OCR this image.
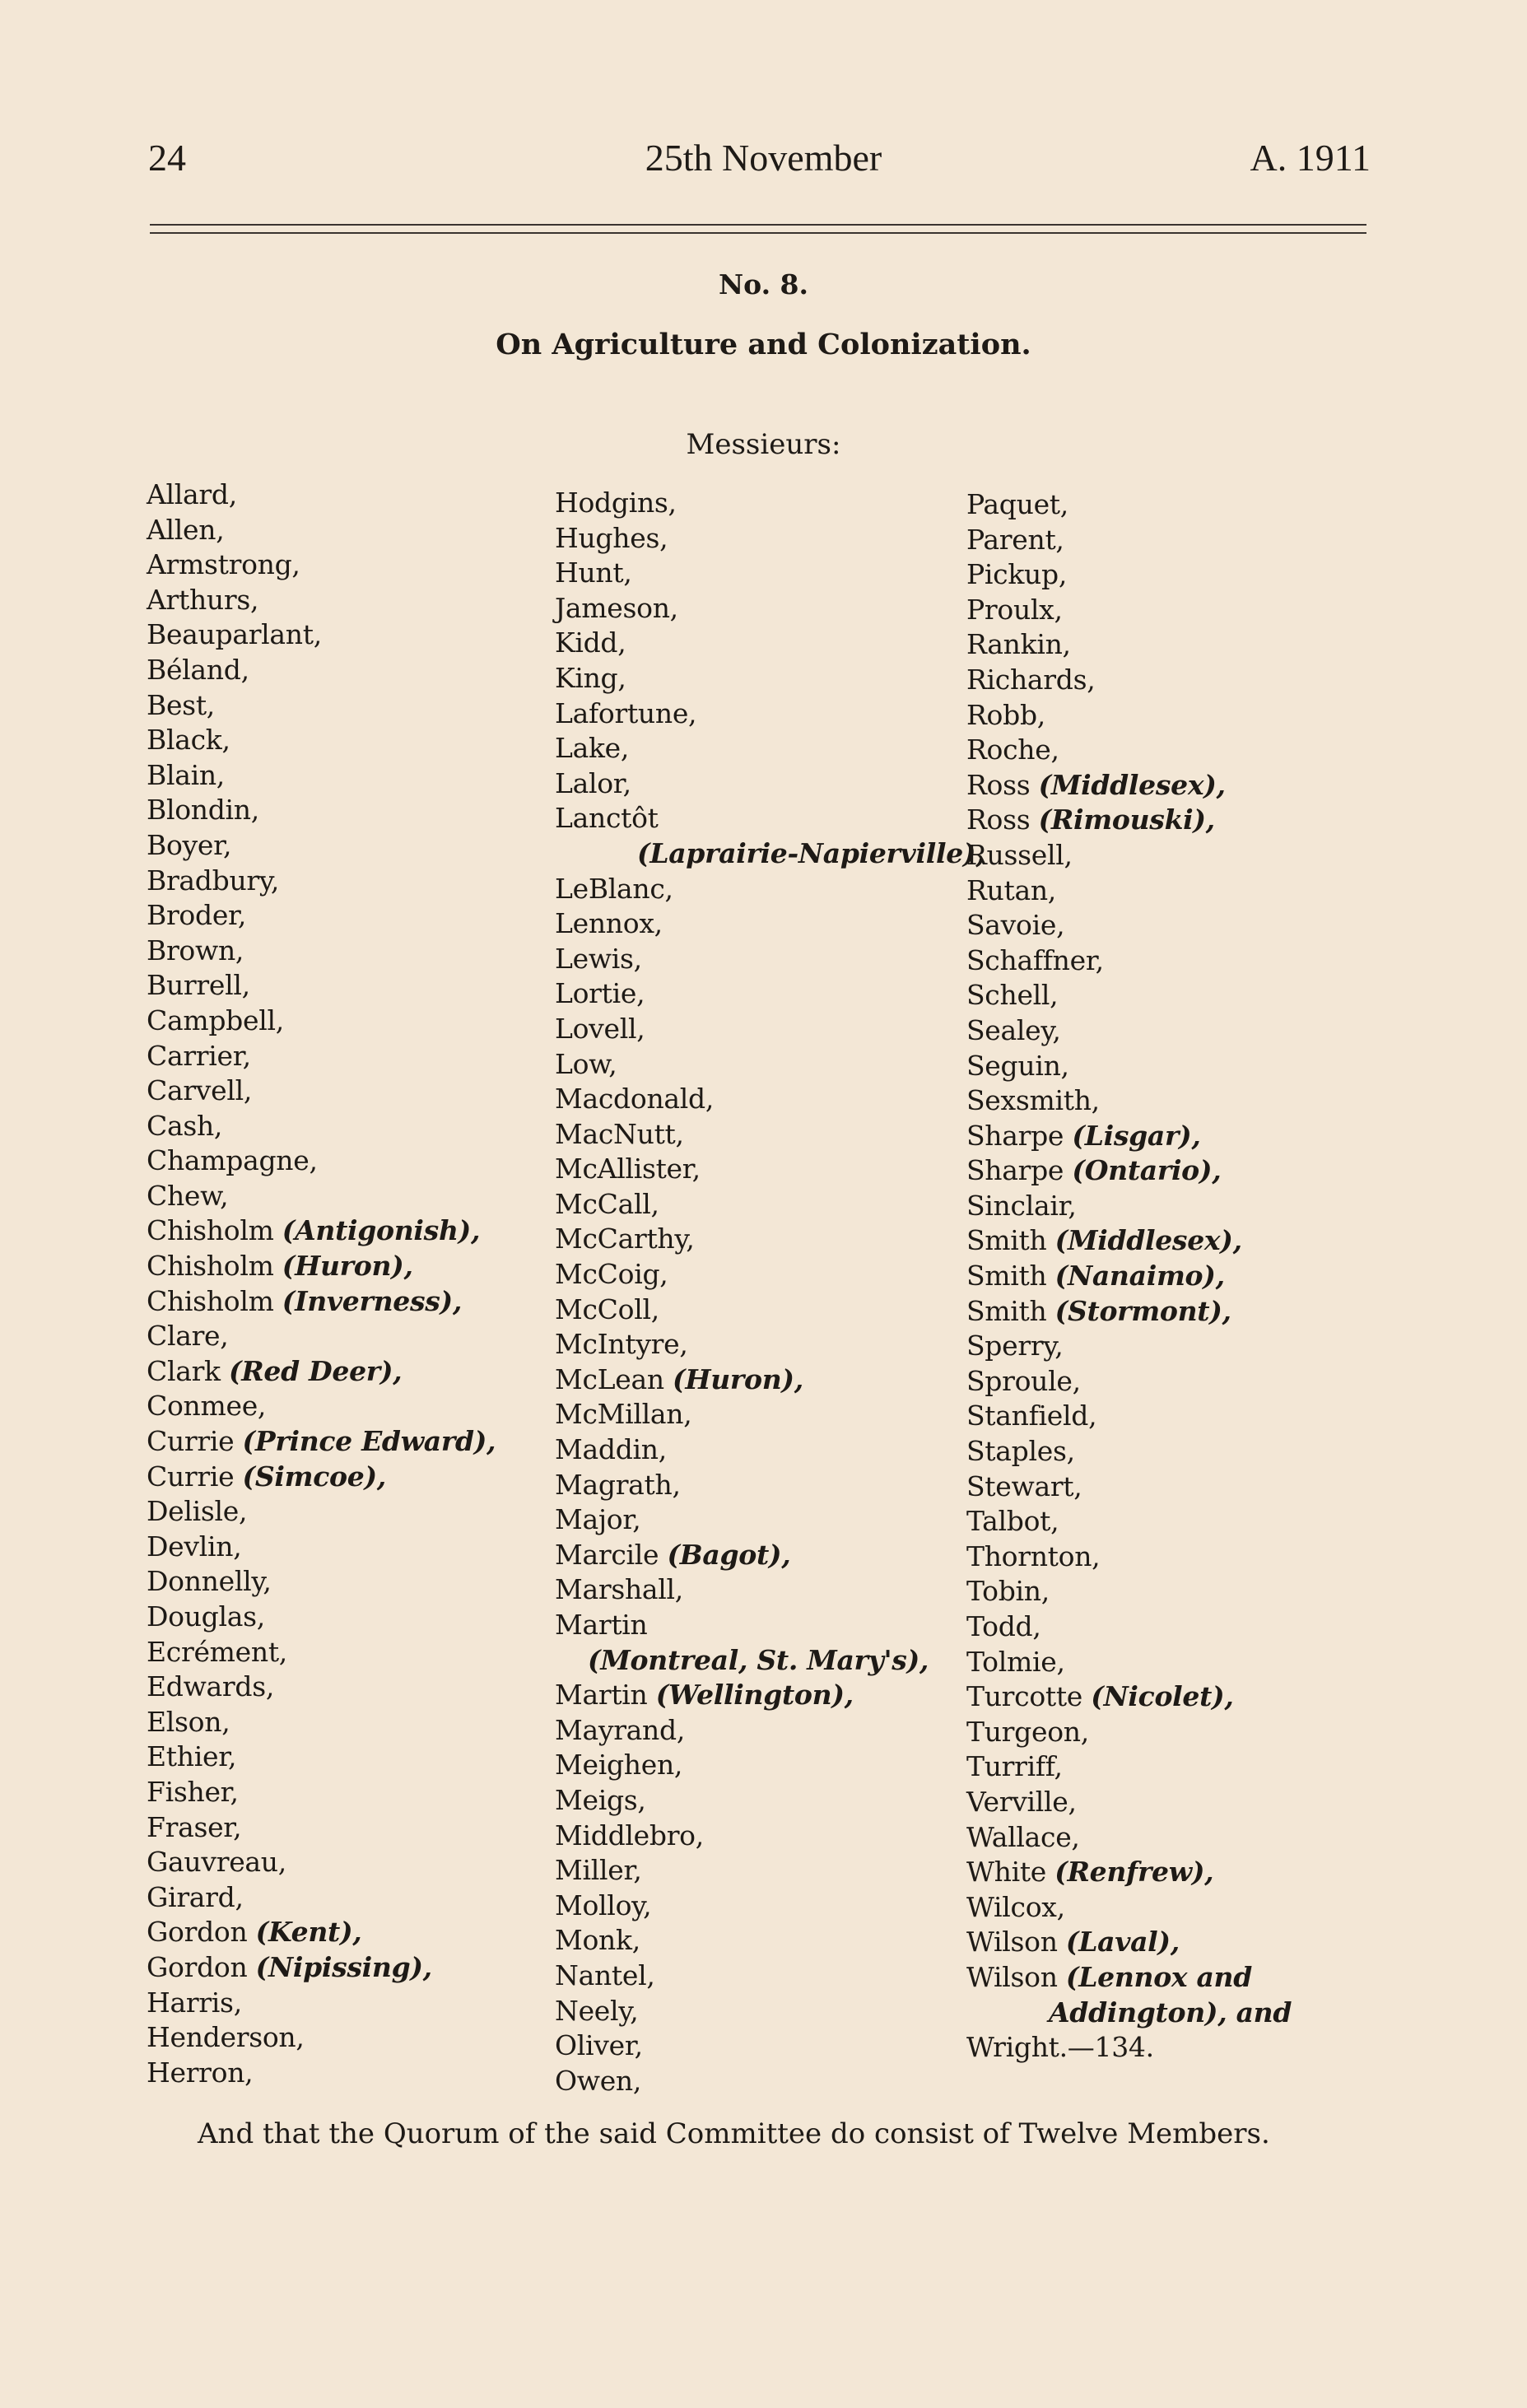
24	25th November	A. 1911
No. 8.
On Agriculture and Colonization.
Messieurs:
Allard,
Allen,
Armstrong,
Arthurs,
Beauparlant,
Béland,
Best,
Black,
Blain,
Blondin,
Boyer,
Bradbury,
Broder,
Brown,
Burrell,
Campbell,
Carrier,
Carvell,
Cash,
Champagne,
Chew,
Chisholm (Antigonish),
Chisholm (Huron),
Chisholm (Inverness),
Clare,
Clark (Red Deer),
Conmee,
Currie (Prince Edward),
Currie (Simcoe),
Delisle,
Devlin,
Donnelly,
Douglas,
Ecrément,
Edwards,
Elson,
Ethier,
Fisher,
Fraser,
Gauvreau,
Girard,
Gordon (Kent),
Gordon (Nipissing),
Harris,
Henderson,
Herron,
Hodgins,
Hughes,
Hunt,
Jameson,
Kidd,
King,
Lafortune,
Lake,
Lalor,
Lanctôt
(Laprairie-Napierville),
LeBlanc,
Lennox,
Lewis,
Lortie,
Lovell,
Low,
Macdonald,
MacNutt,
McAllister,
McCall,
McCarthy,
McCoig,
McColl,
McIntyre,
McLean (Huron),
McMillan,
Maddin,
Magrath,
Major,
Marcile (Bagot),
Marshall,
Martin
(Montreal, St. Mary's),
Martin (Wellington),
Mayrand,
Meighen,
Meigs,
Middlebro,
Miller,
Molloy,
Monk,
Nantel,
Neely,
Oliver,
Owen,
Paquet,
Parent,
Pickup,
Proulx,
Rankin,
Richards,
Robb,
Roche,
Ross (Middlesex),
Ross (Rimouski),
Russell,
Rutan,
Savoie,
Schaffner,
Schell,
Sealey,
Seguin,
Sexsmith,
Sharpe (Lisgar),
Sharpe (Ontario),
Sinclair,
Smith (Middlesex),
Smith (Nanaimo),
Smith (Stormont),
Sperry,
Sproule,
Stanfield,
Staples,
Stewart,
Talbot,
Thornton,
Tobin,
Todd,
Tolmie,
Turcotte (Nicolet),
Turgeon,
Turriff,
Verville,
Wallace,
White (Renfrew),
Wilcox,
Wilson (Laval),
Wilson (Lennox and
Addington), and
Wright.—134.
And that the Quorum of the said Committee do consist of Twelve Members.
